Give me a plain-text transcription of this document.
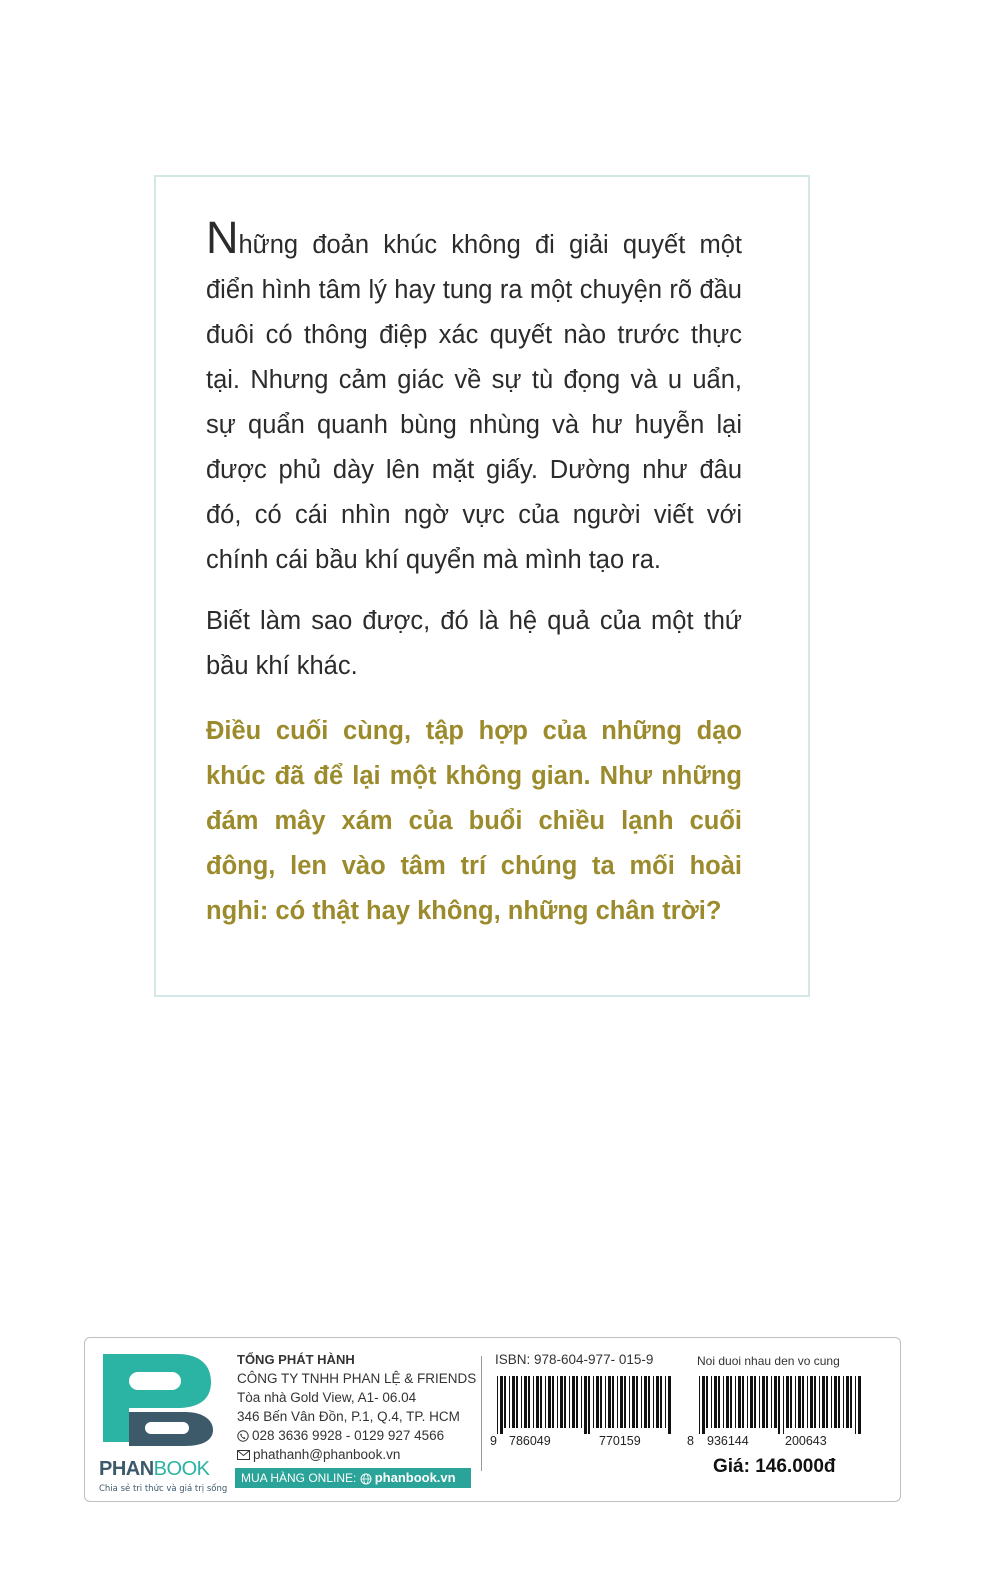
Những đoản khúc không đi giải quyết một điển hình tâm lý hay tung ra một chuyện rõ đầu đuôi có thông điệp xác quyết nào trước thực tại. Nhưng cảm giác về sự tù đọng và u uẩn, sự quẩn quanh bùng nhùng và hư huyễn lại được phủ dày lên mặt giấy. Dường như đâu đó, có cái nhìn ngờ vực của người viết với chính cái bầu khí quyển mà mình tạo ra.

Biết làm sao được, đó là hệ quả của một thứ bầu khí khác.

Điều cuối cùng, tập hợp của những dạo khúc đã để lại một không gian. Như những đám mây xám của buổi chiều lạnh cuối đông, len vào tâm trí chúng ta mối hoài nghi: có thật hay không, những chân trời?

PHANBOOK
Chia sẻ tri thức và giá trị sống
TỔNG PHÁT HÀNH
CÔNG TY TNHH PHAN LỆ & FRIENDS
Tòa nhà Gold View, A1- 06.04
346 Bến Vân Đồn, P.1, Q.4, TP. HCM
028 3636 9928 - 0129 927 4566
phathanh@phanbook.vn
MUA HÀNG ONLINE: phanbook.vn
ISBN: 978-604-977- 015-9
9 786049	770159
Noi duoi nhau den vo cung
8 936144	200643
Giá: 146.000đ
